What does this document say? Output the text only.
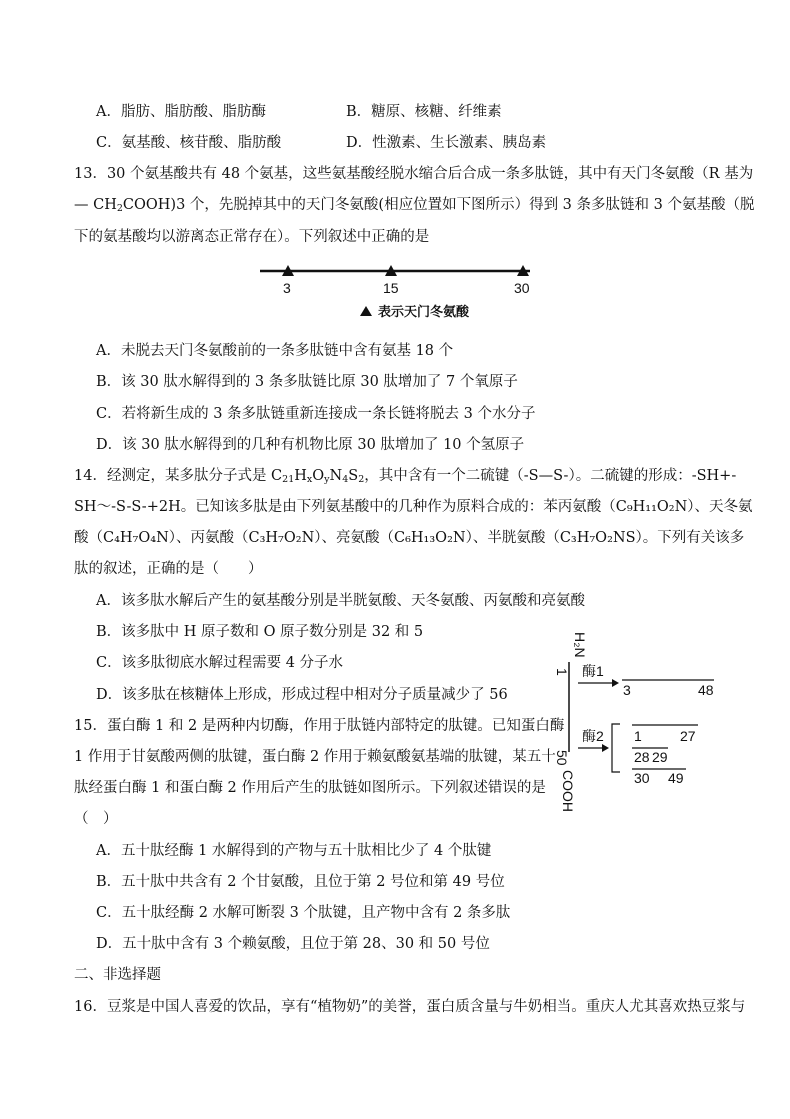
A．脂肪、脂肪酸、脂肪酶	B．糖原、核糖、纤维素
C．氨基酸、核苷酸、脂肪酸	D．性激素、生长激素、胰岛素
13．30 个氨基酸共有 48 个氨基，这些氨基酸经脱水缩合后合成一条多肽链，其中有天门冬氨酸（R 基为
— $CH_2COOH)3$ 个，先脱掉其中的天门冬氨酸(相应位置如下图所示）得到 3 条多肽链和 3 个氨基酸（脱
下的氨基酸均以游离态正常存在）。下列叙述中正确的是
3	15	30
表示天门冬氨酸
A．未脱去天门冬氨酸前的一条多肽链中含有氨基 18 个
B．该 30 肽水解得到的 3 条多肽链比原 30 肽增加了 7 个氧原子
C．若将新生成的 3 条多肽链重新连接成一条长链将脱去 3 个水分子
D．该 30 肽水解得到的几种有机物比原 30 肽增加了 10 个氢原子
14．经测定，某多肽分子式是 $C_{21}H_xO_yN_4S_2$，其中含有一个二硫键（-S—S-）。二硫键的形成：-SH+-
SH～-S-S-+2H。已知该多肽是由下列氨基酸中的几种作为原料合成的：苯丙氨酸（C₉H₁₁O₂N）、天冬氨
酸（C₄H₇O₄N）、丙氨酸（C₃H₇O₂N）、亮氨酸（C₆H₁₃O₂N）、半胱氨酸（C₃H₇O₂NS）。下列有关该多
肽的叙述，正确的是（　　）
A．该多肽水解后产生的氨基酸分别是半胱氨酸、天冬氨酸、丙氨酸和亮氨酸
B．该多肽中 H 原子数和 O 原子数分别是 32 和 5
C．该多肽彻底水解过程需要 4 分子水
D．该多肽在核糖体上形成，形成过程中相对分子质量减少了 56
15．蛋白酶 1 和 2 是两种内切酶，作用于肽链内部特定的肽键。已知蛋白酶
1 作用于甘氨酸两侧的肽键，蛋白酶 2 作用于赖氨酸氨基端的肽键，某五十
肽经蛋白酶 1 和蛋白酶 2 作用后产生的肽链如图所示。下列叙述错误的是
（　）
H₂N
1
50
COOH
酶1
3	48
酶2 1	27
28 29
30 49
A．五十肽经酶 1 水解得到的产物与五十肽相比少了 4 个肽键
B．五十肽中共含有 2 个甘氨酸，且位于第 2 号位和第 49 号位
C．五十肽经酶 2 水解可断裂 3 个肽键，且产物中含有 2 条多肽
D．五十肽中含有 3 个赖氨酸，且位于第 28、30 和 50 号位
二、非选择题
16．豆浆是中国人喜爱的饮品，享有“植物奶”的美誉，蛋白质含量与牛奶相当。重庆人尤其喜欢热豆浆与
